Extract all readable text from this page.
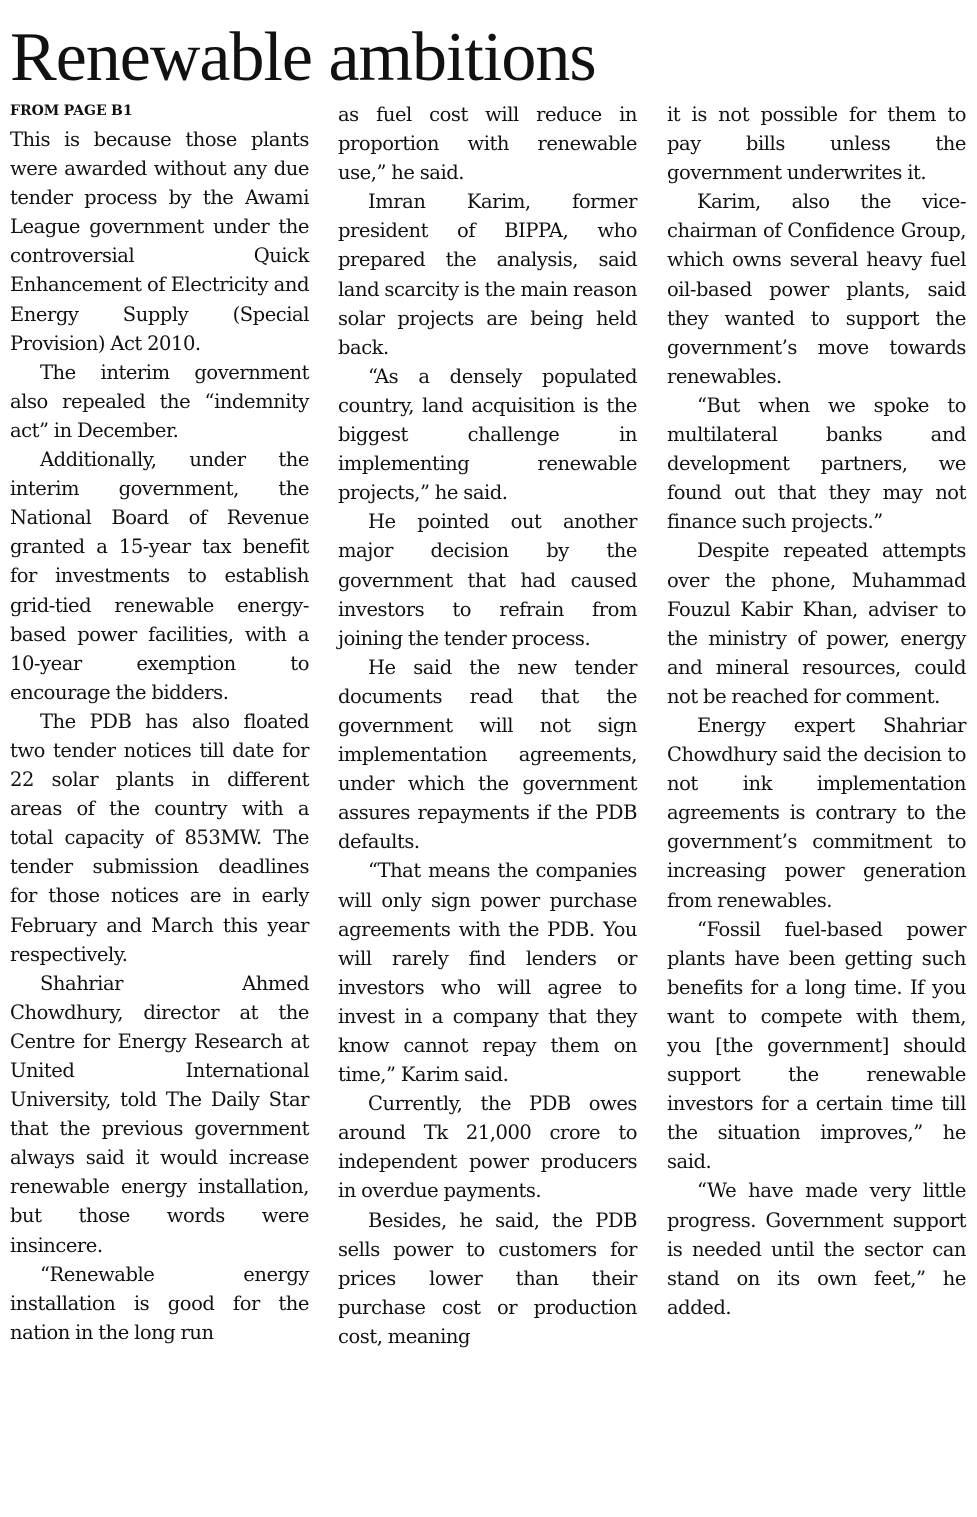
Renewable ambitions
FROM PAGE B1

This is because those plants were awarded without any due tender process by the Awami League government under the controversial Quick Enhancement of Electricity and Energy Supply (Special Provision) Act 2010.

The interim government also repealed the “indemnity act” in December.

Additionally, under the interim government, the National Board of Revenue granted a 15-year tax benefit for investments to establish grid-tied renewable energy-based power facilities, with a 10-year exemption to encourage the bidders.

The PDB has also floated two tender notices till date for 22 solar plants in different areas of the country with a total capacity of 853MW. The tender submission deadlines for those notices are in early February and March this year respectively.

Shahriar Ahmed Chowdhury, director at the Centre for Energy Research at United International University, told The Daily Star that the previous government always said it would increase renewable energy installation, but those words were insincere.

“Renewable energy installation is good for the nation in the long run

as fuel cost will reduce in proportion with renewable use,” he said.

Imran Karim, former president of BIPPA, who prepared the analysis, said land scarcity is the main reason solar projects are being held back.

“As a densely populated country, land acquisition is the biggest challenge in implementing renewable projects,” he said.

He pointed out another major decision by the government that had caused investors to refrain from joining the tender process.

He said the new tender documents read that the government will not sign implementation agreements, under which the government assures repayments if the PDB defaults.

“That means the companies will only sign power purchase agreements with the PDB. You will rarely find lenders or investors who will agree to invest in a company that they know cannot repay them on time,” Karim said.

Currently, the PDB owes around Tk 21,000 crore to independent power producers in overdue payments.

Besides, he said, the PDB sells power to customers for prices lower than their purchase cost or production cost, meaning

it is not possible for them to pay bills unless the government underwrites it.

Karim, also the vice-chairman of Confidence Group, which owns several heavy fuel oil-based power plants, said they wanted to support the government’s move towards renewables.

“But when we spoke to multilateral banks and development partners, we found out that they may not finance such projects.”

Despite repeated attempts over the phone, Muhammad Fouzul Kabir Khan, adviser to the ministry of power, energy and mineral resources, could not be reached for comment.

Energy expert Shahriar Chowdhury said the decision to not ink implementation agreements is contrary to the government’s commitment to increasing power generation from renewables.

“Fossil fuel-based power plants have been getting such benefits for a long time. If you want to compete with them, you [the government] should support the renewable investors for a certain time till the situation improves,” he said.

“We have made very little progress. Government support is needed until the sector can stand on its own feet,” he added.
